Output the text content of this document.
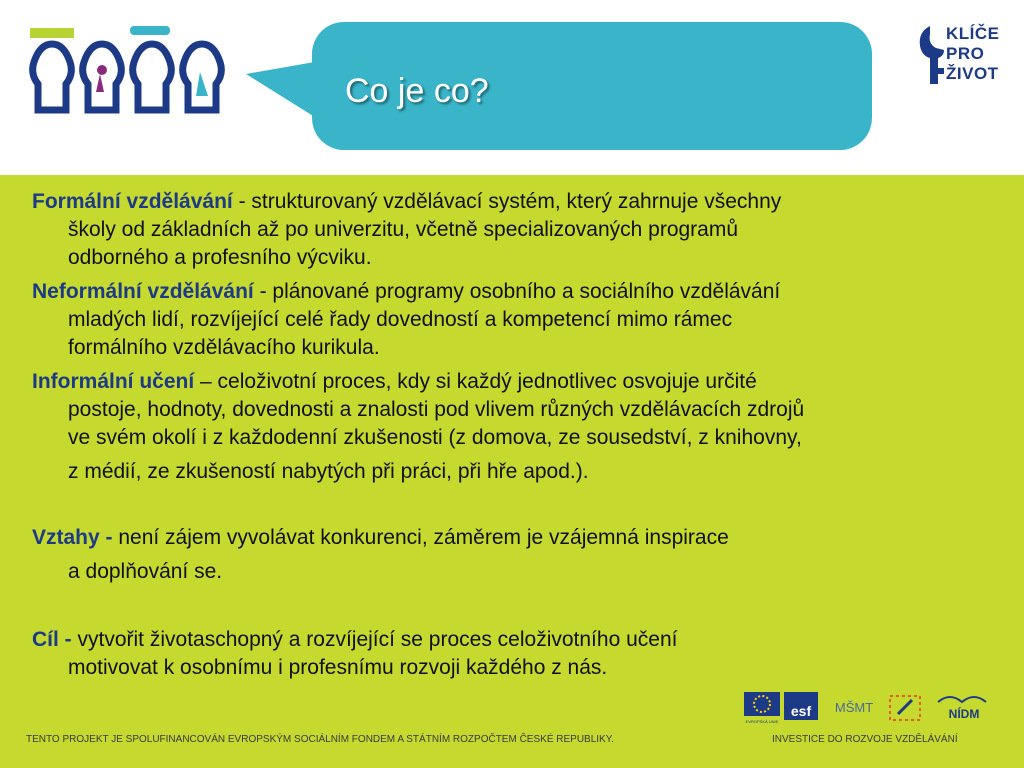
Co je co?
KLÍČE
PRO
ŽIVOT
Formální vzdělávání - strukturovaný vzdělávací systém, který zahrnuje všechny
školy od základních až po univerzitu, včetně specializovaných programů
odborného a profesního výcviku.
Neformální vzdělávání - plánované programy osobního a sociálního vzdělávání
mladých lidí, rozvíjející celé řady dovedností a kompetencí mimo rámec
formálního vzdělávacího kurikula.
Informální učení – celoživotní proces, kdy si každý jednotlivec osvojuje určité
postoje, hodnoty, dovednosti a znalosti pod vlivem různých vzdělávacích zdrojů
ve svém okolí i z každodenní zkušenosti (z domova, ze sousedství, z knihovny,
z médií, ze zkušeností nabytých při práci, při hře apod.).
Vztahy - není zájem vyvolávat konkurenci, záměrem je vzájemná inspirace
a doplňování se.
Cíl - vytvořit životaschopný a rozvíjející se proces celoživotního učení
motivovat k osobnímu i profesnímu rozvoji každého z nás.
EVROPSKÁ UNIE
esf MŠMT	NÍDM
TENTO PROJEKT JE SPOLUFINANCOVÁN EVROPSKÝM SOCIÁLNÍM FONDEM A STÁTNÍM ROZPOČTEM ČESKÉ REPUBLIKY.	INVESTICE DO ROZVOJE VZDĚLÁVÁNÍ
